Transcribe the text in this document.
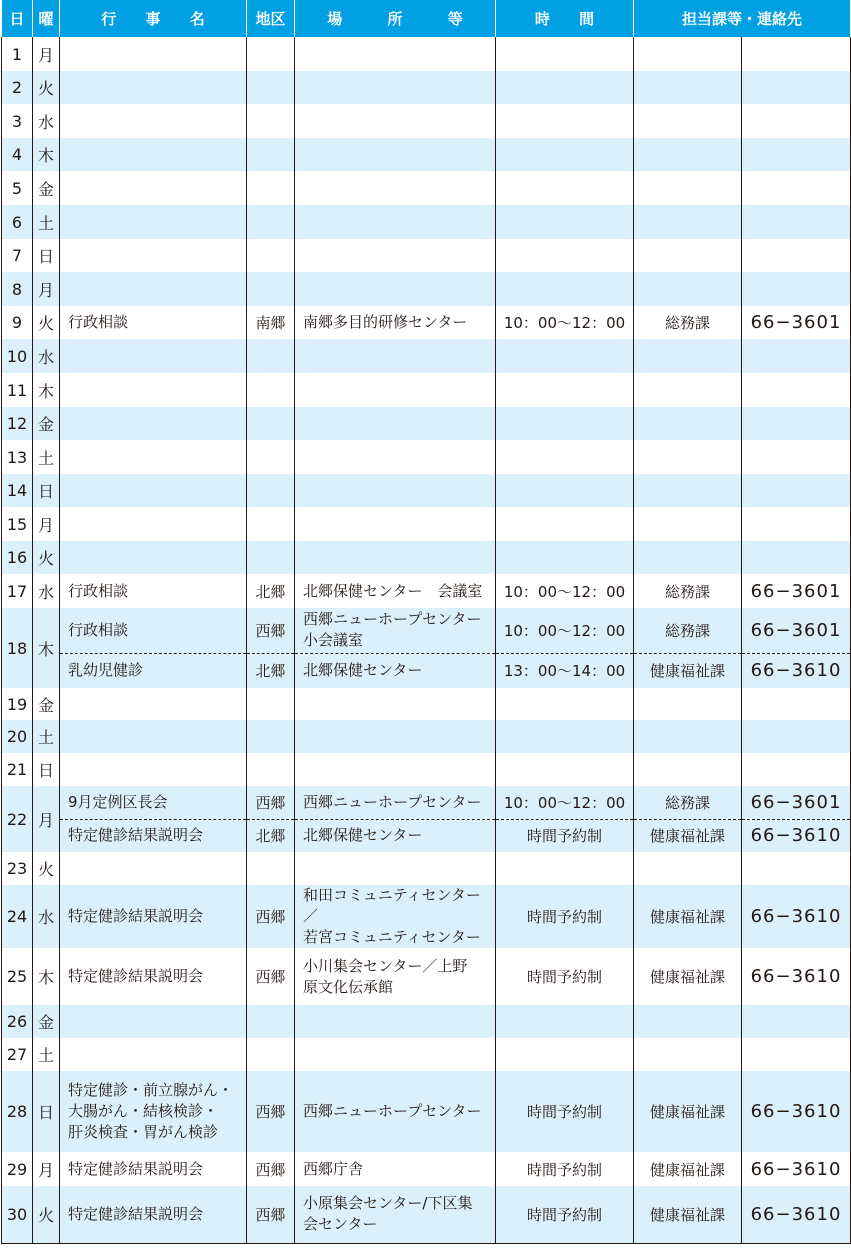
日	曜	行 事 名	地区	場 所 等	時 間	担当課等・連絡先	
1	月						
2	火						
3	水						
4	木						
5	金						
6	土						
7	日						
8	月						
9	火	行政相談	南郷	南郷多目的研修センター	10：00～12：00	総務課	66−3601
10	水						
11	木						
12	金						
13	土						
14	日						
15	月						
16	火						
17	水	行政相談	北郷	北郷保健センター　会議室	10：00～12：00	総務課	66−3601
18	木	行政相談	西郷	西郷ニューホープセンター
小会議室	10：00～12：00	総務課	66−3601
		乳幼児健診	北郷	北郷保健センター	13：00～14：00	健康福祉課	66−3610
19	金						
20	土						
21	日						
22	月	9月定例区長会	西郷	西郷ニューホープセンター	10：00～12：00	総務課	66−3601
		特定健診結果説明会	北郷	北郷保健センター	時間予約制	健康福祉課	66−3610
23	火						
24	水	特定健診結果説明会	西郷	和田コミュニティセンター／
若宮コミュニティセンター	時間予約制	健康福祉課	66−3610
25	木	特定健診結果説明会	西郷	小川集会センター／上野
原文化伝承館	時間予約制	健康福祉課	66−3610
26	金						
27	土						
28	日	特定健診・前立腺がん・
大腸がん・結核検診・
肝炎検査・胃がん検診	西郷	西郷ニューホープセンター	時間予約制	健康福祉課	66−3610
29	月	特定健診結果説明会	西郷	西郷庁舎	時間予約制	健康福祉課	66−3610
30	火	特定健診結果説明会	西郷	小原集会センター/下区集
会センター	時間予約制	健康福祉課	66−3610
